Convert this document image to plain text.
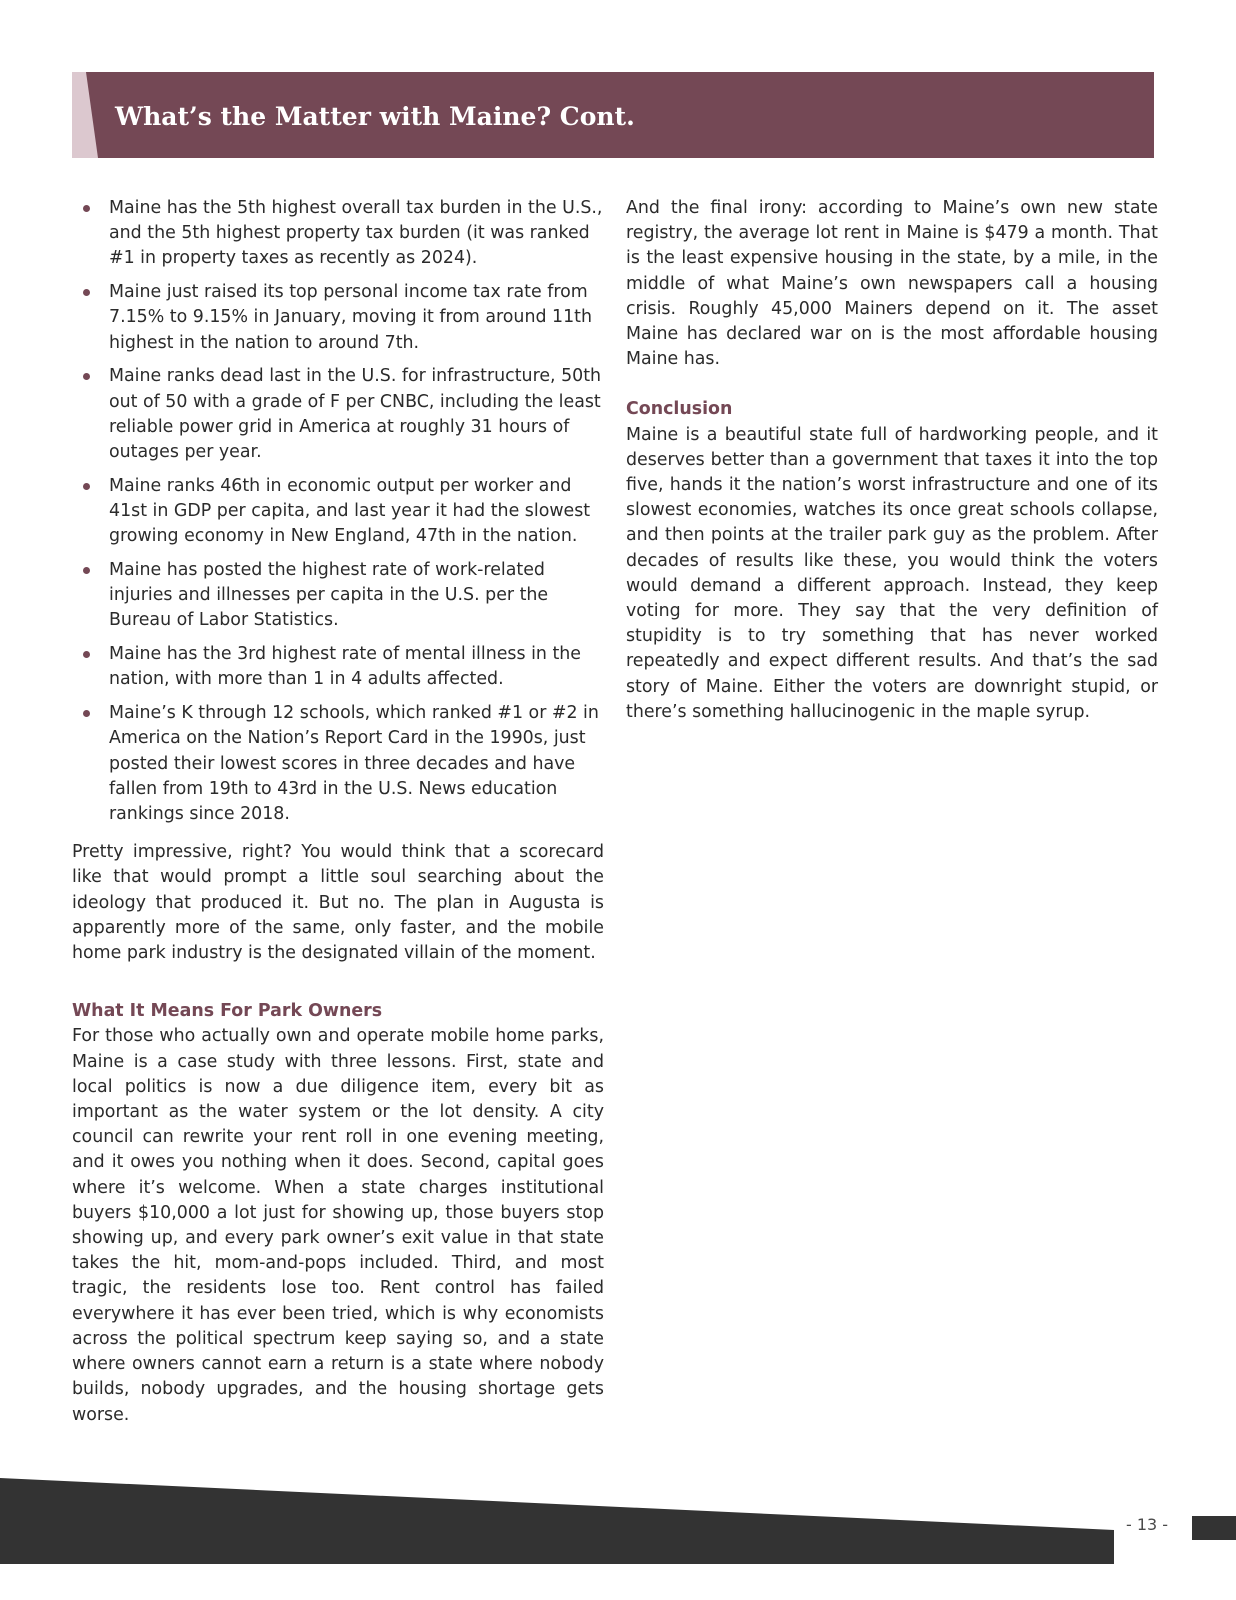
What’s the Matter with Maine? Cont.
Maine has the 5th highest overall tax burden in the U.S., and the 5th highest property tax burden (it was ranked #1 in property taxes as recently as 2024).
Maine just raised its top personal income tax rate from 7.15% to 9.15% in January, moving it from around 11th highest in the nation to around 7th.
Maine ranks dead last in the U.S. for infrastructure, 50th out of 50 with a grade of F per CNBC, including the least reliable power grid in America at roughly 31 hours of outages per year.
Maine ranks 46th in economic output per worker and 41st in GDP per capita, and last year it had the slowest growing economy in New England, 47th in the nation.
Maine has posted the highest rate of work-related injuries and illnesses per capita in the U.S. per the Bureau of Labor Statistics.
Maine has the 3rd highest rate of mental illness in the nation, with more than 1 in 4 adults affected.
Maine’s K through 12 schools, which ranked #1 or #2 in America on the Nation’s Report Card in the 1990s, just posted their lowest scores in three decades and have fallen from 19th to 43rd in the U.S. News education rankings since 2018.

Pretty impressive, right? You would think that a scorecard like that would prompt a little soul searching about the ideology that produced it. But no. The plan in Augusta is apparently more of the same, only faster, and the mobile home park industry is the designated villain of the moment.

What It Means For Park Owners

For those who actually own and operate mobile home parks, Maine is a case study with three lessons. First, state and local politics is now a due diligence item, every bit as important as the water system or the lot density. A city council can rewrite your rent roll in one evening meeting, and it owes you nothing when it does. Second, capital goes where it’s welcome. When a state charges institutional buyers $10,000 a lot just for showing up, those buyers stop showing up, and every park owner’s exit value in that state takes the hit, mom-and-pops included. Third, and most tragic, the residents lose too. Rent control has failed everywhere it has ever been tried, which is why economists across the political spectrum keep saying so, and a state where owners cannot earn a return is a state where nobody builds, nobody upgrades, and the housing shortage gets worse.

And the final irony: according to Maine’s own new state registry, the average lot rent in Maine is $479 a month. That is the least expensive housing in the state, by a mile, in the middle of what Maine’s own newspapers call a housing crisis. Roughly 45,000 Mainers depend on it. The asset Maine has declared war on is the most affordable housing Maine has.

Conclusion

Maine is a beautiful state full of hardworking people, and it deserves better than a government that taxes it into the top five, hands it the nation’s worst infrastructure and one of its slowest economies, watches its once great schools collapse, and then points at the trailer park guy as the problem. After decades of results like these, you would think the voters would demand a different approach. Instead, they keep voting for more. They say that the very definition of stupidity is to try something that has never worked repeatedly and expect different results. And that’s the sad story of Maine. Either the voters are downright stupid, or there’s something hallucinogenic in the maple syrup.

- 13 -
